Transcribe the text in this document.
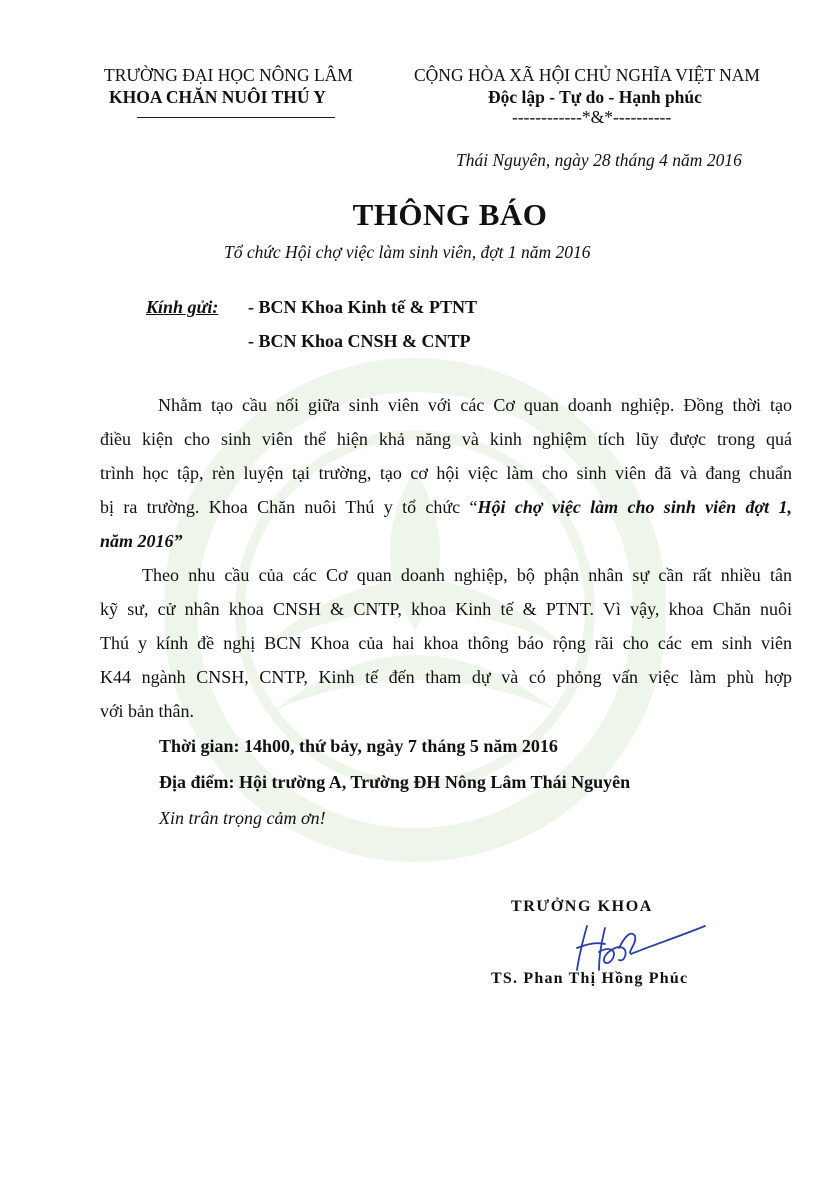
TRƯỜNG ĐẠI HỌC NÔNG LÂM
KHOA CHĂN NUÔI THÚ Y
CỘNG HÒA XÃ HỘI CHỦ NGHĨA VIỆT NAM
Độc lập - Tự do - Hạnh phúc
------------*&*----------
Thái Nguyên, ngày 28 tháng 4 năm 2016
THÔNG BÁO
Tổ chức Hội chợ việc làm sinh viên, đợt 1 năm 2016
Kính gửi: - BCN Khoa Kinh tế & PTNT
- BCN Khoa CNSH & CNTP
Nhằm tạo cầu nối giữa sinh viên với các Cơ quan doanh nghiệp. Đồng thời tạo
điều kiện cho sinh viên thể hiện khả năng và kinh nghiệm tích lũy được trong quá
trình học tập, rèn luyện tại trường, tạo cơ hội việc làm cho sinh viên đã và đang chuẩn
bị ra trường. Khoa Chăn nuôi Thú y tổ chức “Hội chợ việc làm cho sinh viên đợt 1,
năm 2016”
Theo nhu cầu của các Cơ quan doanh nghiệp, bộ phận nhân sự cần rất nhiều tân
kỹ sư, cử nhân khoa CNSH & CNTP, khoa Kinh tế & PTNT. Vì vậy, khoa Chăn nuôi
Thú y kính đề nghị BCN Khoa của hai khoa thông báo rộng rãi cho các em sinh viên
K44 ngành CNSH, CNTP, Kinh tế đến tham dự và có phỏng vấn việc làm phù hợp
với bản thân.
Thời gian: 14h00, thứ bảy, ngày 7 tháng 5 năm 2016
Địa điểm: Hội trường A, Trường ĐH Nông Lâm Thái Nguyên
Xin trân trọng cảm ơn!
TRƯỞNG KHOA
TS. Phan Thị Hồng Phúc
